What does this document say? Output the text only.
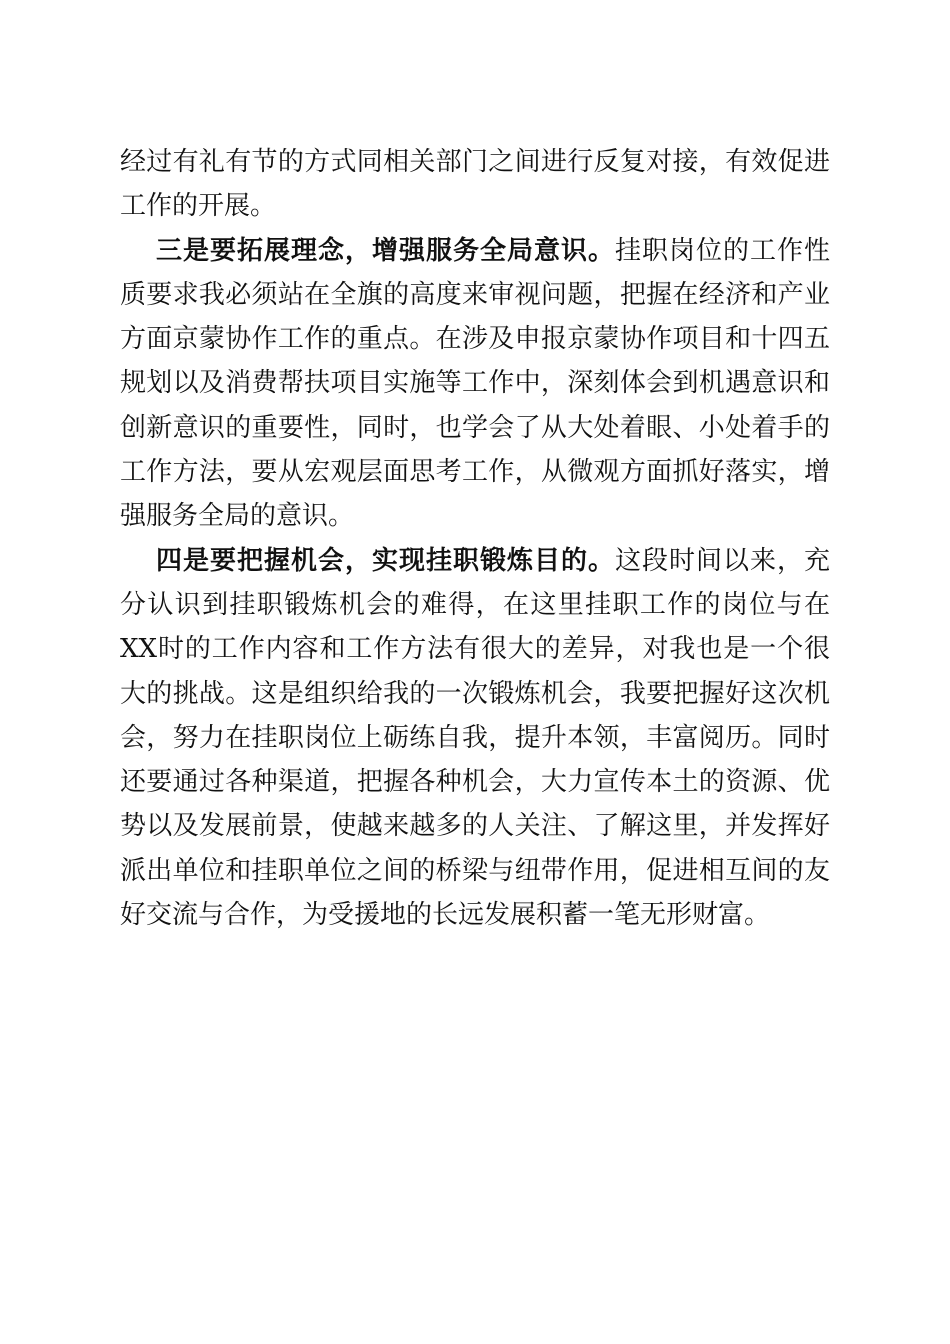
经过有礼有节的方式同相关部门之间进行反复对接，有效促进工作的开展。

三是要拓展理念，增强服务全局意识。挂职岗位的工作性质要求我必须站在全旗的高度来审视问题，把握在经济和产业方面京蒙协作工作的重点。在涉及申报京蒙协作项目和十四五规划以及消费帮扶项目实施等工作中，深刻体会到机遇意识和创新意识的重要性，同时，也学会了从大处着眼、小处着手的工作方法，要从宏观层面思考工作，从微观方面抓好落实，增强服务全局的意识。

四是要把握机会，实现挂职锻炼目的。这段时间以来，充分认识到挂职锻炼机会的难得，在这里挂职工作的岗位与在XX时的工作内容和工作方法有很大的差异，对我也是一个很大的挑战。这是组织给我的一次锻炼机会，我要把握好这次机会，努力在挂职岗位上砺练自我，提升本领，丰富阅历。同时还要通过各种渠道，把握各种机会，大力宣传本土的资源、优势以及发展前景，使越来越多的人关注、了解这里，并发挥好派出单位和挂职单位之间的桥梁与纽带作用，促进相互间的友好交流与合作，为受援地的长远发展积蓄一笔无形财富。
